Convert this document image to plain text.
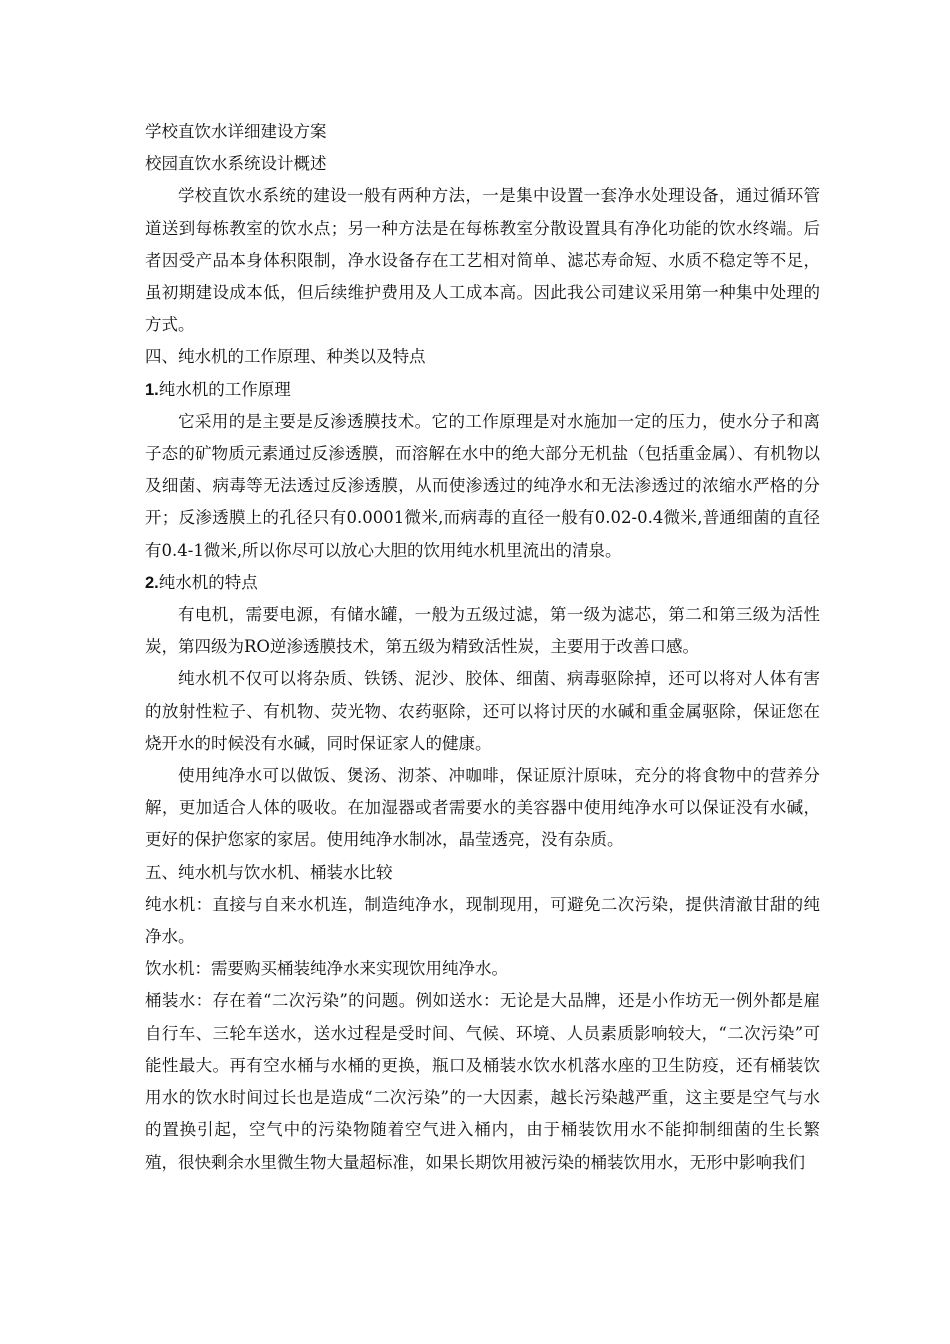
学校直饮水详细建设方案

校园直饮水系统设计概述

学校直饮水系统的建设一般有两种方法，一是集中设置一套净水处理设备，通过循环管道送到每栋教室的饮水点；另一种方法是在每栋教室分散设置具有净化功能的饮水终端。后者因受产品本身体积限制，净水设备存在工艺相对简单、滤芯寿命短、水质不稳定等不足，虽初期建设成本低，但后续维护费用及人工成本高。因此我公司建议采用第一种集中处理的方式。

四、纯水机的工作原理、种类以及特点

1.纯水机的工作原理

它采用的是主要是反渗透膜技术。它的工作原理是对水施加一定的压力，使水分子和离子态的矿物质元素通过反渗透膜，而溶解在水中的绝大部分无机盐（包括重金属）、有机物以及细菌、病毒等无法透过反渗透膜，从而使渗透过的纯净水和无法渗透过的浓缩水严格的分开；反渗透膜上的孔径只有0.0001微米,而病毒的直径一般有0.02-0.4微米,普通细菌的直径有0.4-1微米,所以你尽可以放心大胆的饮用纯水机里流出的清泉。

2.纯水机的特点

有电机，需要电源，有储水罐，一般为五级过滤，第一级为滤芯，第二和第三级为活性炭，第四级为RO逆渗透膜技术，第五级为精致活性炭，主要用于改善口感。

纯水机不仅可以将杂质、铁锈、泥沙、胶体、细菌、病毒驱除掉，还可以将对人体有害的放射性粒子、有机物、荧光物、农药驱除，还可以将讨厌的水碱和重金属驱除，保证您在烧开水的时候没有水碱，同时保证家人的健康。

使用纯净水可以做饭、煲汤、沏茶、冲咖啡，保证原汁原味，充分的将食物中的营养分解，更加适合人体的吸收。在加湿器或者需要水的美容器中使用纯净水可以保证没有水碱，更好的保护您家的家居。使用纯净水制冰，晶莹透亮，没有杂质。

五、纯水机与饮水机、桶装水比较

纯水机：直接与自来水机连，制造纯净水，现制现用，可避免二次污染，提供清澈甘甜的纯净水。

饮水机：需要购买桶装纯净水来实现饮用纯净水。

桶装水：存在着“二次污染”的问题。例如送水：无论是大品牌，还是小作坊无一例外都是雇自行车、三轮车送水，送水过程是受时间、气候、环境、人员素质影响较大，“二次污染”可能性最大。再有空水桶与水桶的更换，瓶口及桶装水饮水机落水座的卫生防疫，还有桶装饮用水的饮水时间过长也是造成“二次污染”的一大因素，越长污染越严重，这主要是空气与水的置换引起，空气中的污染物随着空气进入桶内，由于桶装饮用水不能抑制细菌的生长繁殖，很快剩余水里微生物大量超标准，如果长期饮用被污染的桶装饮用水，无形中影响我们
